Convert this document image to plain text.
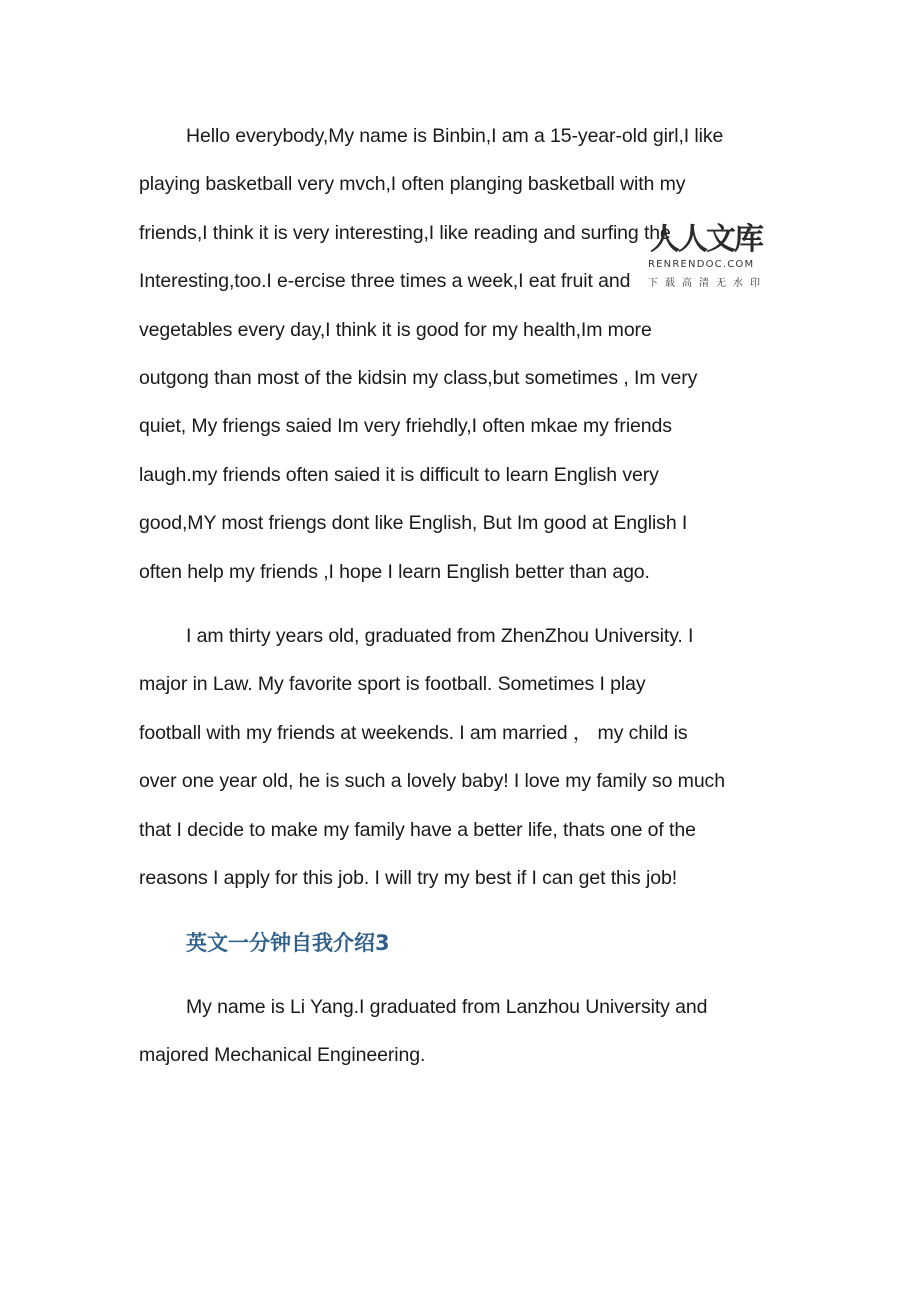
Hello everybody,My name is Binbin,I am a 15-year-old girl,I like
playing basketball very mvch,I often planging basketball with my
friends,I think it is very interesting,I like reading and surfing the
Interesting,too.I e-ercise three times a week,I eat fruit and
vegetables every day,I think it is good for my health,Im more
outgong than most of the kidsin my class,but sometimes , Im very
quiet, My friengs saied Im very friehdly,I often mkae my friends
laugh.my friends often saied it is difficult to learn English very
good,MY most friengs dont like English, But Im good at English I
often help my friends ,I hope I learn English better than ago.

I am thirty years old, graduated from ZhenZhou University. I
major in Law. My favorite sport is football. Sometimes I play
football with my friends at weekends. I am married ， my child is
over one year old, he is such a lovely baby! I love my family so much
that I decide to make my family have a better life, thats one of the
reasons I apply for this job. I will try my best if I can get this job!

英文一分钟自我介绍3

My name is Li Yang.I graduated from Lanzhou University and
majored Mechanical Engineering.

人人文库
RENRENDOC.COM
下载高清无水印
